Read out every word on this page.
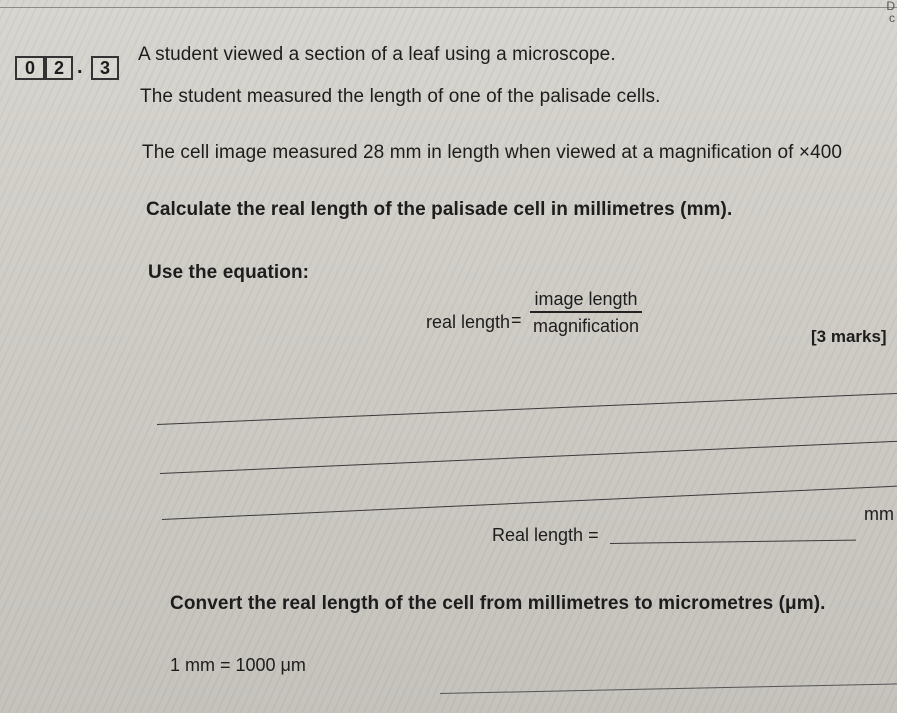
D
c
0	2 . 3
A student viewed a section of a leaf using a microscope.
The student measured the length of one of the palisade cells.
The cell image measured 28 mm in length when viewed at a magnification of ×400
Calculate the real length of the palisade cell in millimetres (mm).
Use the equation:
real length =
image length
magnification
[3 marks]
Real length =
mm
Convert the real length of the cell from millimetres to micrometres (μm).
1 mm = 1000 μm
